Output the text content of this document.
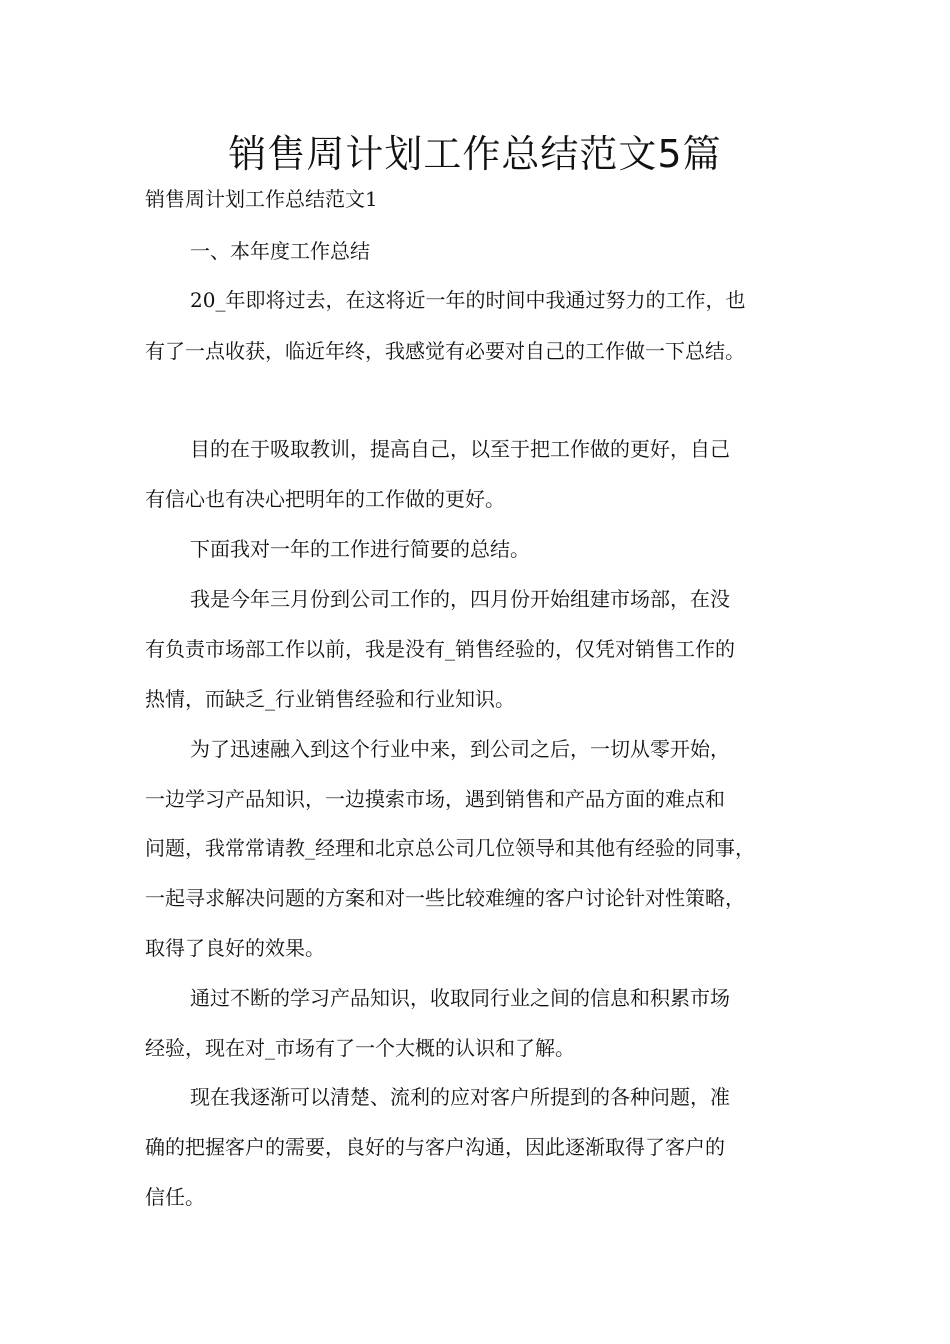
销售周计划工作总结范文5篇
销售周计划工作总结范文1
一、本年度工作总结
20_年即将过去，在这将近一年的时间中我通过努力的工作，也
有了一点收获，临近年终，我感觉有必要对自己的工作做一下总结。
目的在于吸取教训，提高自己，以至于把工作做的更好，自己
有信心也有决心把明年的工作做的更好。
下面我对一年的工作进行简要的总结。
我是今年三月份到公司工作的，四月份开始组建市场部，在没
有负责市场部工作以前，我是没有_销售经验的，仅凭对销售工作的
热情，而缺乏_行业销售经验和行业知识。
为了迅速融入到这个行业中来，到公司之后，一切从零开始，
一边学习产品知识，一边摸索市场，遇到销售和产品方面的难点和
问题，我常常请教_经理和北京总公司几位领导和其他有经验的同事，
一起寻求解决问题的方案和对一些比较难缠的客户讨论针对性策略，
取得了良好的效果。
通过不断的学习产品知识，收取同行业之间的信息和积累市场
经验，现在对_市场有了一个大概的认识和了解。
现在我逐渐可以清楚、流利的应对客户所提到的各种问题，准
确的把握客户的需要，良好的与客户沟通，因此逐渐取得了客户的
信任。
